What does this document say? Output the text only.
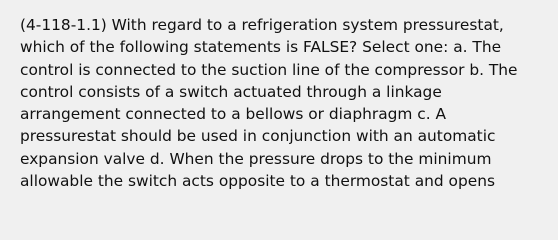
(4-118-1.1) With regard to a refrigeration system pressurestat, which of the following statements is FALSE? Select one: a. The control is connected to the suction line of the compressor b. The control consists of a switch actuated through a linkage arrangement connected to a bellows or diaphragm c. A pressurestat should be used in conjunction with an automatic expansion valve d. When the pressure drops to the minimum allowable the switch acts opposite to a thermostat and opens
